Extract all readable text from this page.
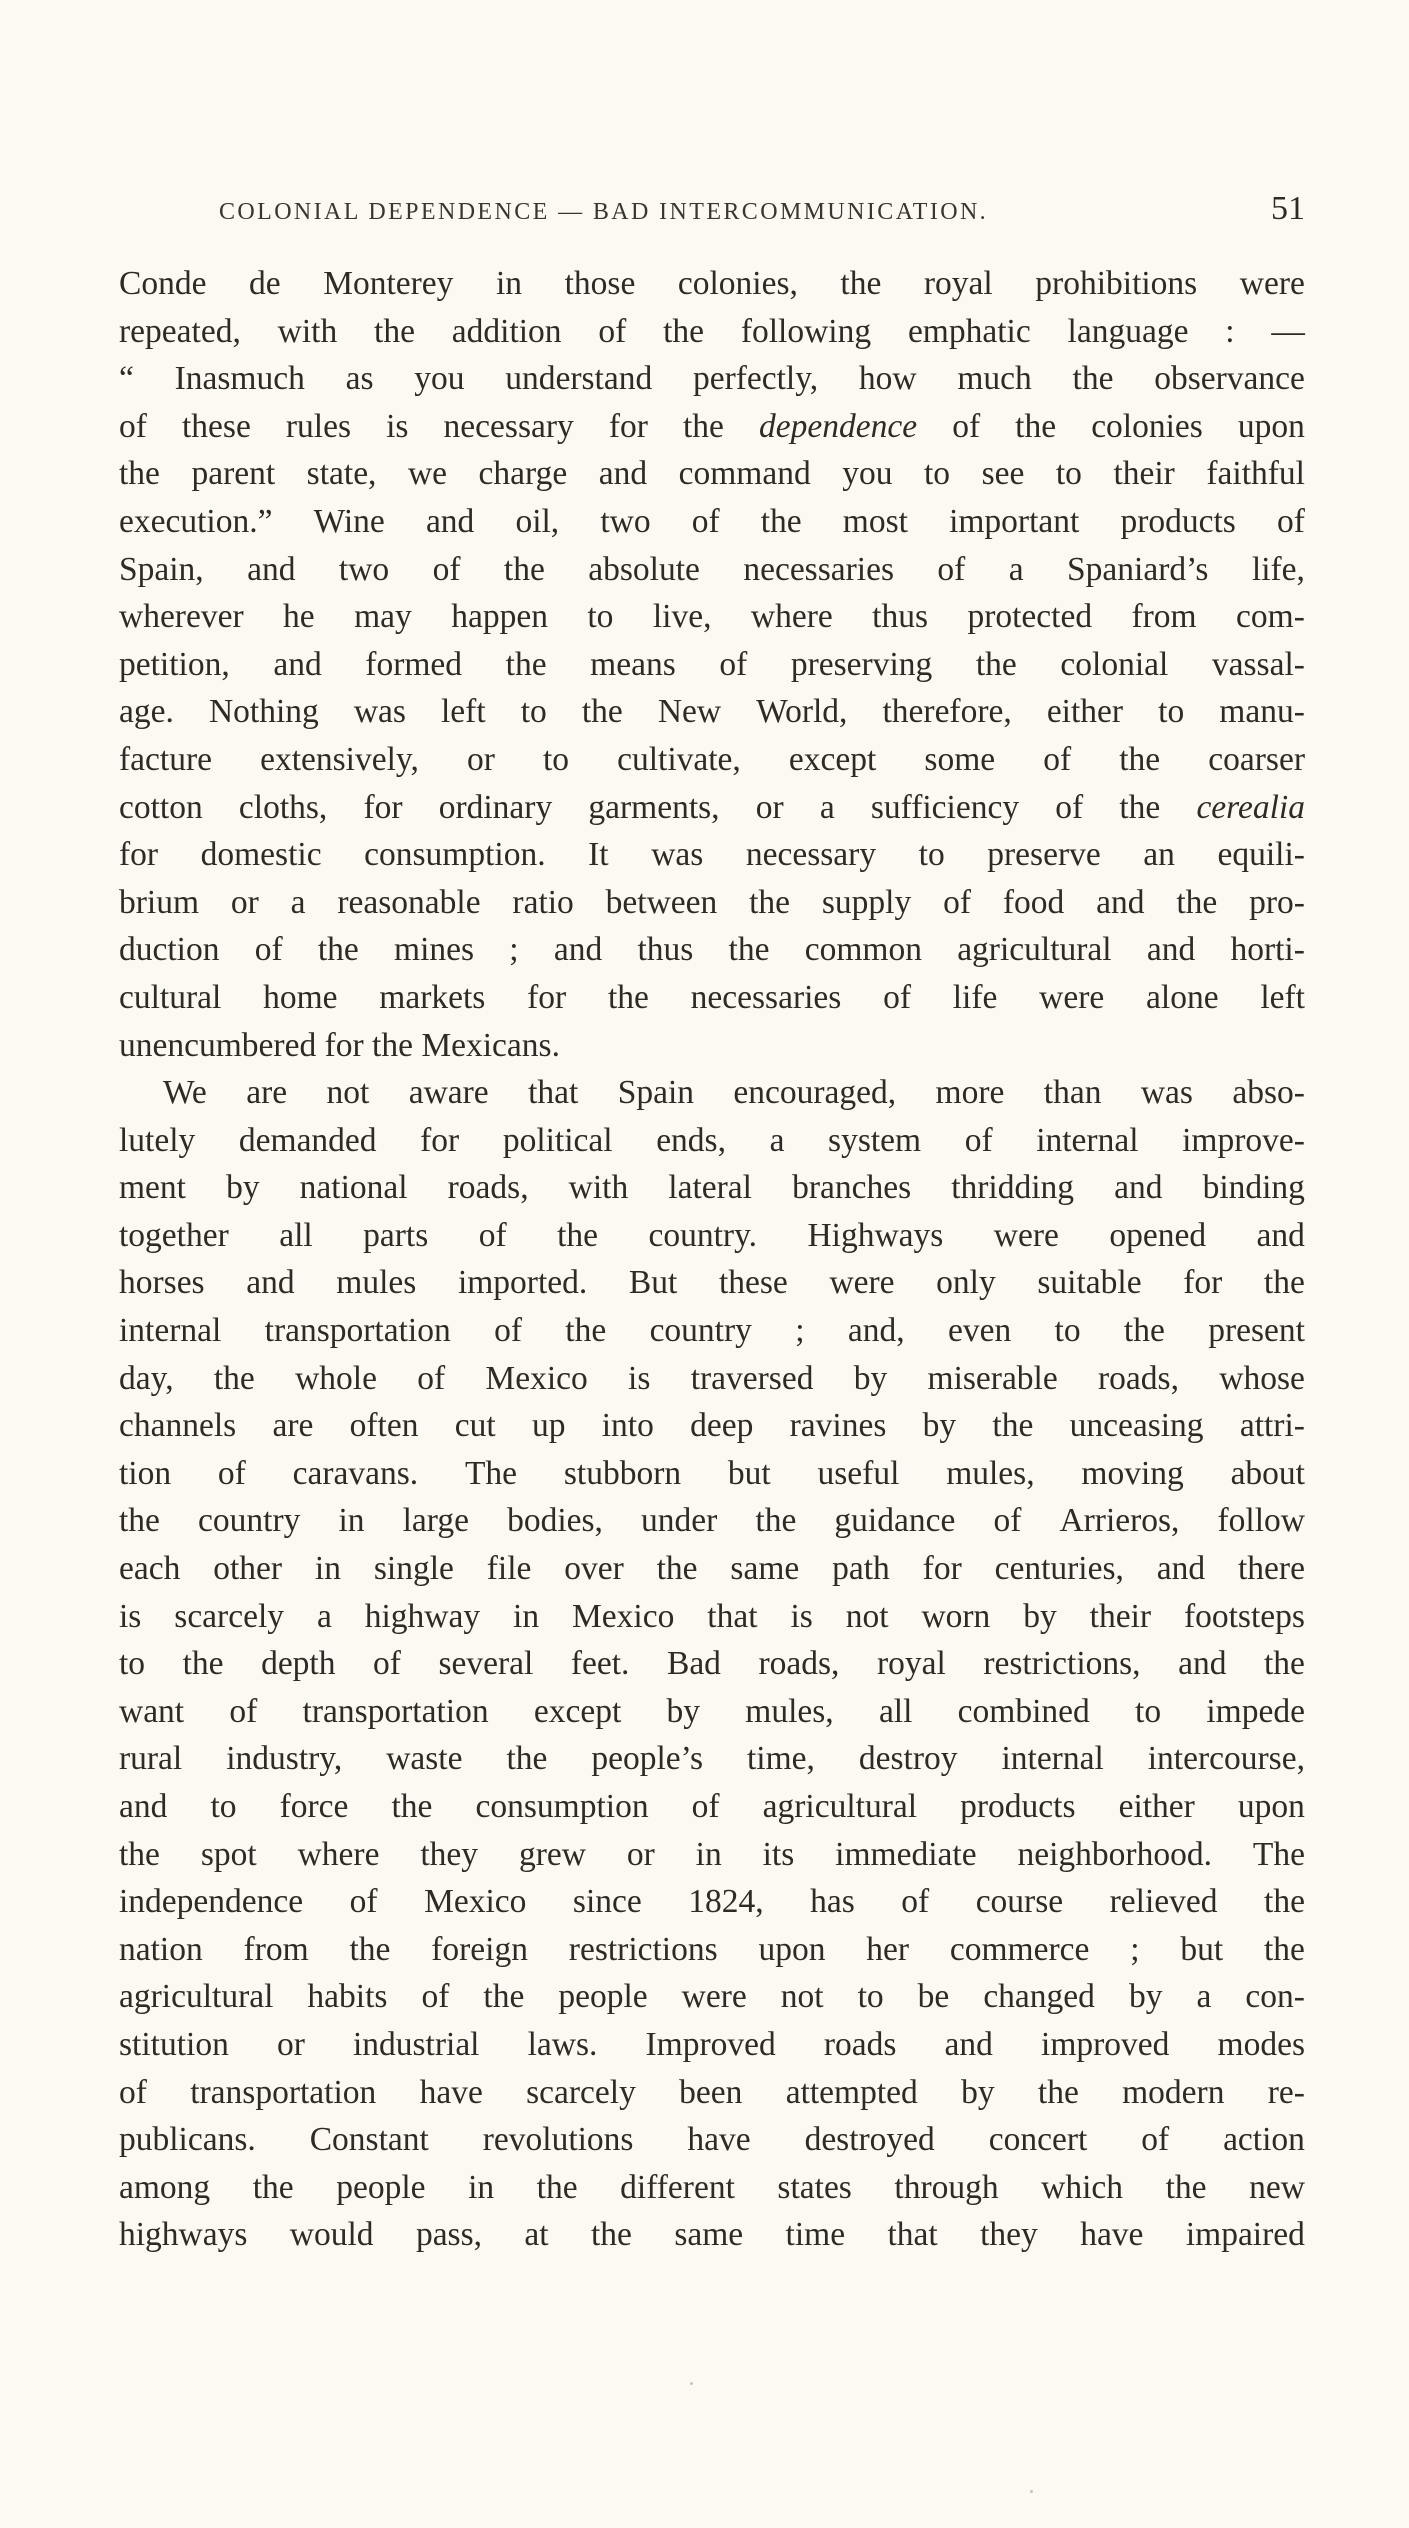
COLONIAL DEPENDENCE — BAD INTERCOMMUNICATION.	51
Conde de Monterey in those colonies, the royal prohibitions were
repeated, with the addition of the following emphatic language : —
“ Inasmuch as you understand perfectly, how much the observance
of these rules is necessary for the dependence of the colonies upon
the parent state, we charge and command you to see to their faithful
execution.” Wine and oil, two of the most important products of
Spain, and two of the absolute necessaries of a Spaniard’s life,
wherever he may happen to live, where thus protected from com-
petition, and formed the means of preserving the colonial vassal-
age. Nothing was left to the New World, therefore, either to manu-
facture extensively, or to cultivate, except some of the coarser
cotton cloths, for ordinary garments, or a sufficiency of the cerealia
for domestic consumption. It was necessary to preserve an equili-
brium or a reasonable ratio between the supply of food and the pro-
duction of the mines ; and thus the common agricultural and horti-
cultural home markets for the necessaries of life were alone left
unencumbered for the Mexicans.
We are not aware that Spain encouraged, more than was abso-
lutely demanded for political ends, a system of internal improve-
ment by national roads, with lateral branches thridding and binding
together all parts of the country. Highways were opened and
horses and mules imported. But these were only suitable for the
internal transportation of the country ; and, even to the present
day, the whole of Mexico is traversed by miserable roads, whose
channels are often cut up into deep ravines by the unceasing attri-
tion of caravans. The stubborn but useful mules, moving about
the country in large bodies, under the guidance of Arrieros, follow
each other in single file over the same path for centuries, and there
is scarcely a highway in Mexico that is not worn by their footsteps
to the depth of several feet. Bad roads, royal restrictions, and the
want of transportation except by mules, all combined to impede
rural industry, waste the people’s time, destroy internal intercourse,
and to force the consumption of agricultural products either upon
the spot where they grew or in its immediate neighborhood. The
independence of Mexico since 1824, has of course relieved the
nation from the foreign restrictions upon her commerce ; but the
agricultural habits of the people were not to be changed by a con-
stitution or industrial laws. Improved roads and improved modes
of transportation have scarcely been attempted by the modern re-
publicans. Constant revolutions have destroyed concert of action
among the people in the different states through which the new
highways would pass, at the same time that they have impaired
